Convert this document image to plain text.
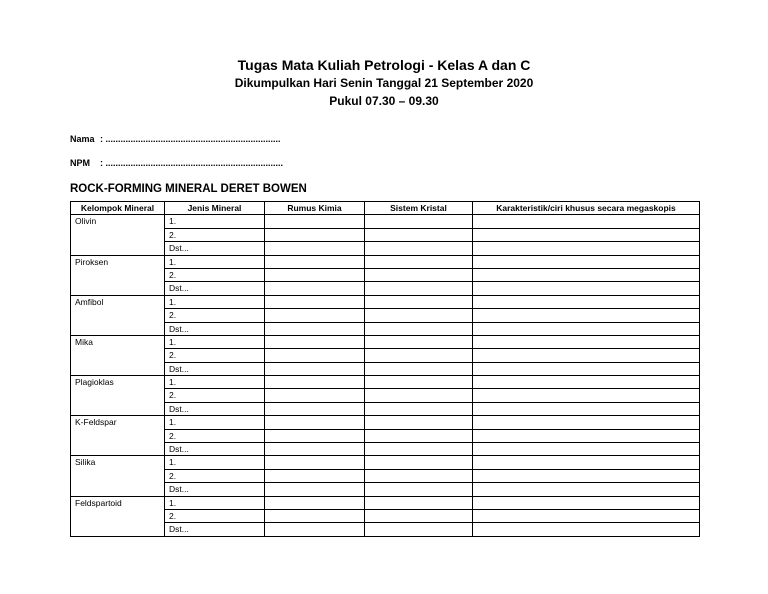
Tugas Mata Kuliah Petrologi - Kelas A dan C
Dikumpulkan Hari Senin Tanggal 21 September 2020
Pukul 07.30 – 09.30
Nama : ......................................................................
NPM : .......................................................................
ROCK-FORMING MINERAL DERET BOWEN
Kelompok Mineral	Jenis Mineral	Rumus Kimia	Sistem Kristal	Karakteristik/ciri khusus secara megaskopis
Olivin	1.			
	2.			
	Dst...			
Piroksen	1.			
	2.			
	Dst...			
Amfibol	1.			
	2.			
	Dst...			
Mika	1.			
	2.			
	Dst...			
Plagioklas	1.			
	2.			
	Dst...			
K-Feldspar	1.			
	2.			
	Dst...			
Silika	1.			
	2.			
	Dst...			
Feldspartoid	1.			
	2.			
	Dst...			
